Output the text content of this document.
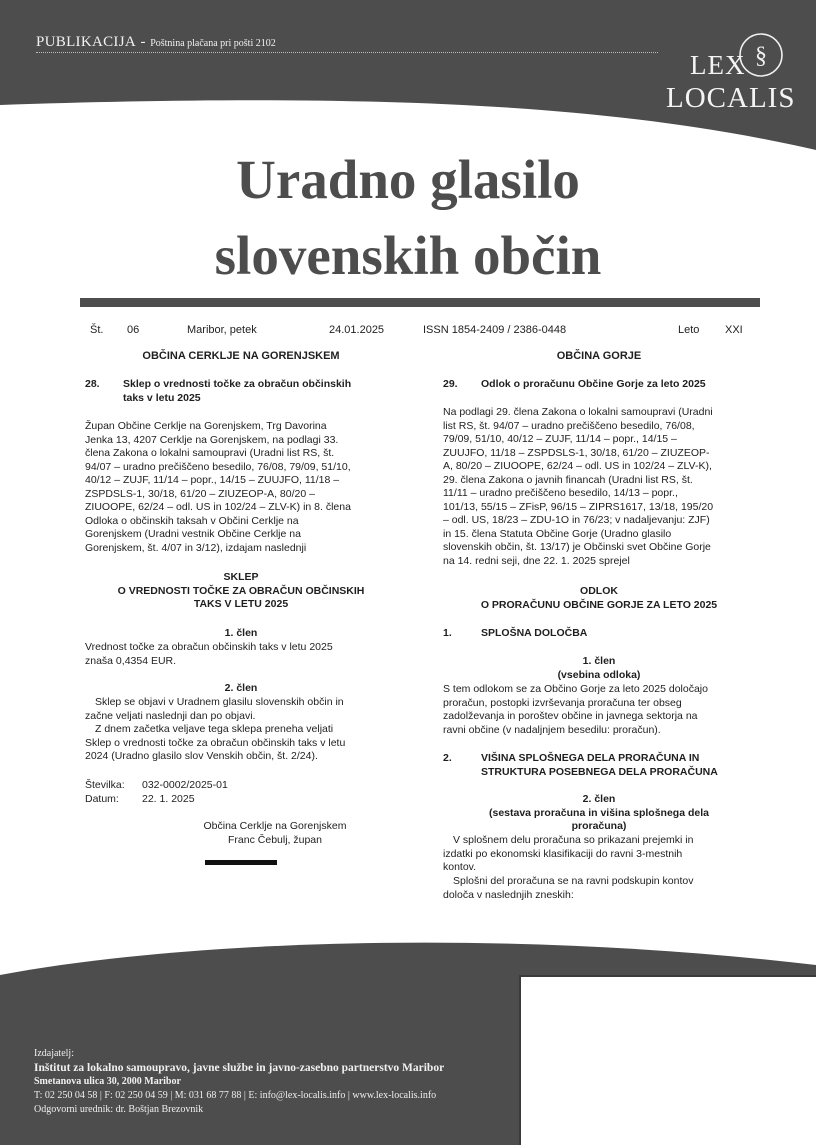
PUBLIKACIJA - Poštnina plačana pri pošti 2102	§
LEX
LOCALIS
Uradno glasilo
slovenskih občin
Št. 06	Maribor, petek	24.01.2025	ISSN 1854-2409 / 2386-0448	Leto XXI
OBČINA CERKLJE NA GORENJSKEM
28. Sklep o vrednosti točke za obračun občinskih
taks v letu 2025
Župan Občine Cerklje na Gorenjskem, Trg Davorina
Jenka 13, 4207 Cerklje na Gorenjskem, na podlagi 33.
člena Zakona o lokalni samoupravi (Uradni list RS, št.
94/07 – uradno prečiščeno besedilo, 76/08, 79/09, 51/10,
40/12 – ZUJF, 11/14 – popr., 14/15 – ZUUJFO, 11/18 –
ZSPDSLS-1, 30/18, 61/20 – ZIUZEOP-A, 80/20 –
ZIUOOPE, 62/24 – odl. US in 102/24 – ZLV-K) in 8. člena
Odloka o občinskih taksah v Občini Cerklje na
Gorenjskem (Uradni vestnik Občine Cerklje na
Gorenjskem, št. 4/07 in 3/12), izdajam naslednji
SKLEP
O VREDNOSTI TOČKE ZA OBRAČUN OBČINSKIH
TAKS V LETU 2025
1. člen
Vrednost točke za obračun občinskih taks v letu 2025
znaša 0,4354 EUR.
2. člen
Sklep se objavi v Uradnem glasilu slovenskih občin in
začne veljati naslednji dan po objavi.
Z dnem začetka veljave tega sklepa preneha veljati
Sklep o vrednosti točke za obračun občinskih taks v letu
2024 (Uradno glasilo slov Venskih občin, št. 2/24).
Številka: 032-0002/2025-01
Datum: 22. 1. 2025
Občina Cerklje na Gorenjskem
Franc Čebulj, župan
OBČINA GORJE
29. Odlok o proračunu Občine Gorje za leto 2025
Na podlagi 29. člena Zakona o lokalni samoupravi (Uradni
list RS, št. 94/07 – uradno prečiščeno besedilo, 76/08,
79/09, 51/10, 40/12 – ZUJF, 11/14 – popr., 14/15 –
ZUUJFO, 11/18 – ZSPDSLS-1, 30/18, 61/20 – ZIUZEOP-
A, 80/20 – ZIUOOPE, 62/24 – odl. US in 102/24 – ZLV-K),
29. člena Zakona o javnih financah (Uradni list RS, št.
11/11 – uradno prečiščeno besedilo, 14/13 – popr.,
101/13, 55/15 – ZFisP, 96/15 – ZIPRS1617, 13/18, 195/20
– odl. US, 18/23 – ZDU-1O in 76/23; v nadaljevanju: ZJF)
in 15. člena Statuta Občine Gorje (Uradno glasilo
slovenskih občin, št. 13/17) je Občinski svet Občine Gorje
na 14. redni seji, dne 22. 1. 2025 sprejel
ODLOK
O PRORAČUNU OBČINE GORJE ZA LETO 2025
1.	SPLOŠNA DOLOČBA
1. člen
(vsebina odloka)
S tem odlokom se za Občino Gorje za leto 2025 določajo
proračun, postopki izvrševanja proračuna ter obseg
zadolževanja in poroštev občine in javnega sektorja na
ravni občine (v nadaljnjem besedilu: proračun).
2.	VIŠINA SPLOŠNEGA DELA PRORAČUNA IN
STRUKTURA POSEBNEGA DELA PRORAČUNA
2. člen
(sestava proračuna in višina splošnega dela
proračuna)
V splošnem delu proračuna so prikazani prejemki in
izdatki po ekonomski klasifikaciji do ravni 3-mestnih
kontov.
Splošni del proračuna se na ravni podskupin kontov
določa v naslednjih zneskih:
Izdajatelj:
Inštitut za lokalno samoupravo, javne službe in javno-zasebno partnerstvo Maribor
Smetanova ulica 30, 2000 Maribor
T: 02 250 04 58 | F: 02 250 04 59 | M: 031 68 77 88 | E: info@lex-localis.info | www.lex-localis.info
Odgovorni urednik: dr. Boštjan Brezovnik
